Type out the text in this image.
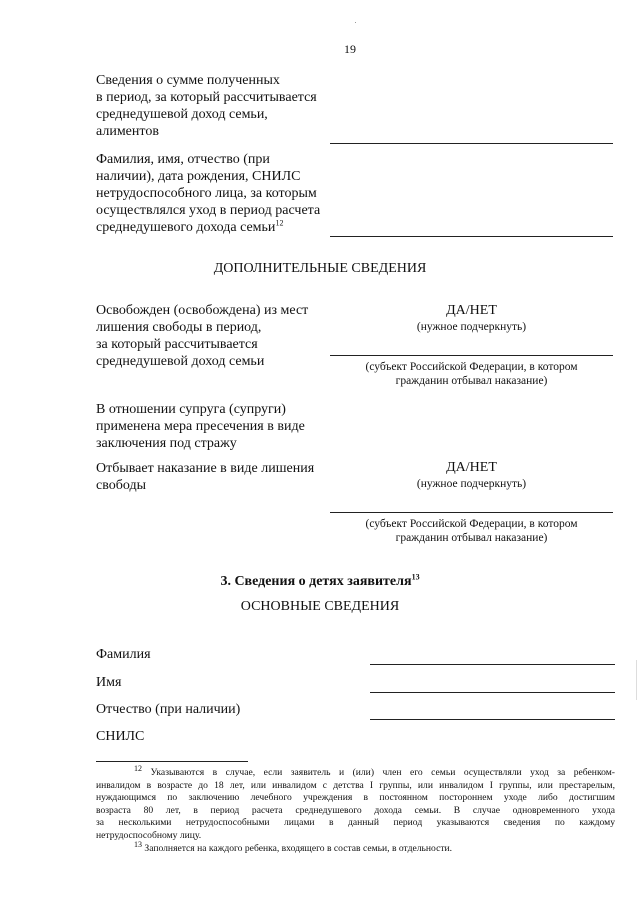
19
Сведения о сумме полученных
в период, за который рассчитывается
среднедушевой доход семьи,
алиментов
Фамилия, имя, отчество (при
наличии), дата рождения, СНИЛС
нетрудоспособного лица, за которым
осуществлялся уход в период расчета
среднедушевого дохода семьи$^{12}$
ДОПОЛНИТЕЛЬНЫЕ СВЕДЕНИЯ
Освобожден (освобождена) из мест
лишения свободы в период,
за который рассчитывается
среднедушевой доход семьи
ДА/НЕТ
(нужное подчеркнуть)
(субъект Российской Федерации, в котором
гражданин отбывал наказание)
В отношении супруга (супруги)
применена мера пресечения в виде
заключения под стражу
Отбывает наказание в виде лишения
свободы
ДА/НЕТ
(нужное подчеркнуть)
(субъект Российской Федерации, в котором
гражданин отбывал наказание)
3. Сведения о детях заявителя$^{13}$
ОСНОВНЫЕ СВЕДЕНИЯ
Фамилия
Имя
Отчество (при наличии)
СНИЛС

$^{12}$ Указываются в случае, если заявитель и (или) член его семьи осуществляли уход за ребенком-

инвалидом в возрасте до 18 лет, или инвалидом с детства I группы, или инвалидом I группы, или престарелым,

нуждающимся по заключению лечебного учреждения в постоянном постороннем уходе либо достигшим

возраста 80 лет, в период расчета среднедушевого дохода семьи. В случае одновременного ухода

за несколькими нетрудоспособными лицами в данный период указываются сведения по каждому

нетрудоспособному лицу.

$^{13}$ Заполняется на каждого ребенка, входящего в состав семьи, в отдельности.
